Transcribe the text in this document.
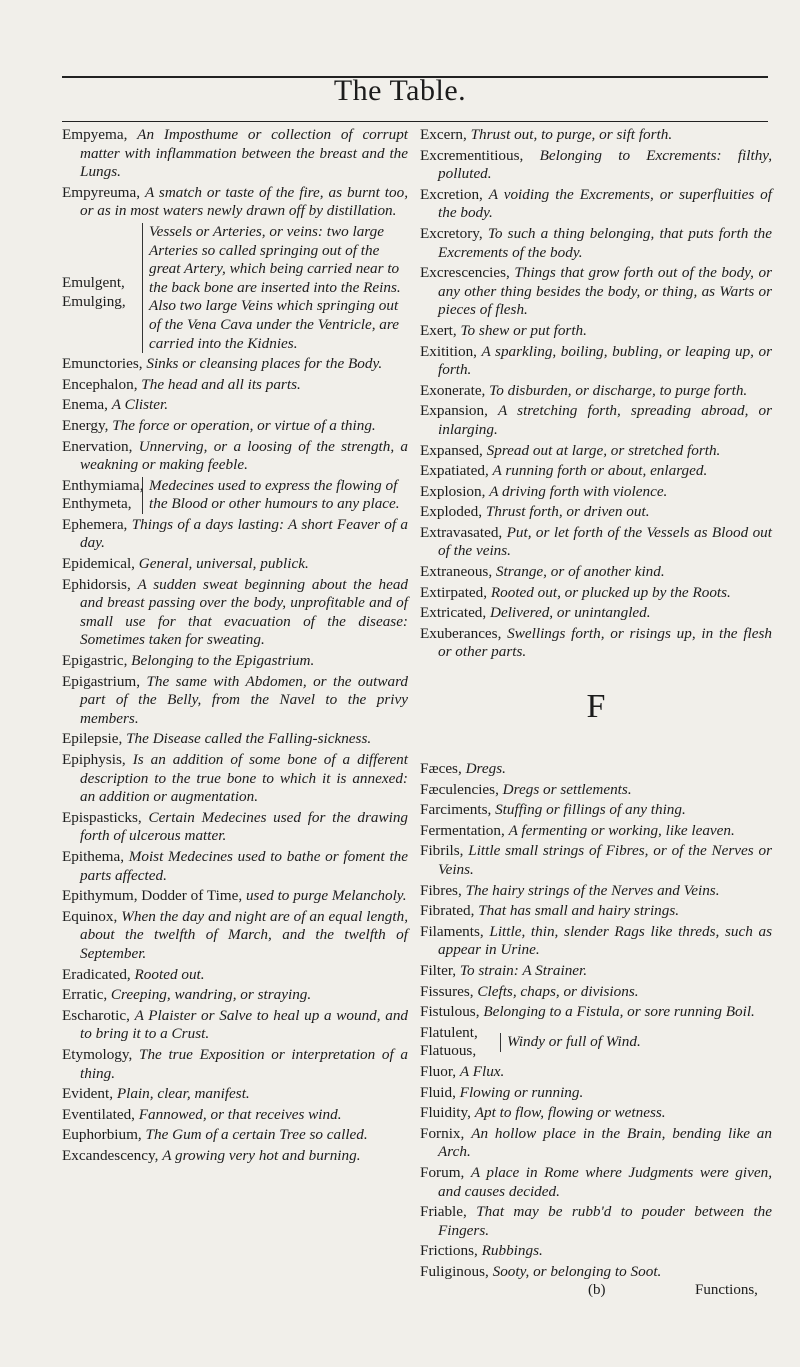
The Table.

Empyema, An Imposthume or collection of corrupt matter with inflammation between the breast and the Lungs.

Empyreuma, A smatch or taste of the fire, as burnt too, or as in most waters newly drawn off by distillation.

Emulgent,
Emulging,
Vessels or Arteries, or veins: two large Arteries so called springing out of the great Artery, which being carried near to the back bone are inserted into the Reins. Also two large Veins which springing out of the Vena Cava under the Ventricle, are carried into the Kidnies.

Emunctories, Sinks or cleansing places for the Body.

Encephalon, The head and all its parts.

Enema, A Clister.

Energy, The force or operation, or virtue of a thing.

Enervation, Unnerving, or a loosing of the strength, a weakning or making feeble.

Enthymiama,
Enthymeta,
Medecines used to express the flowing of the Blood or other humours to any place.

Ephemera, Things of a days lasting: A short Feaver of a day.

Epidemical, General, universal, publick.

Ephidorsis, A sudden sweat beginning about the head and breast passing over the body, unprofitable and of small use for that evacuation of the disease: Sometimes taken for sweating.

Epigastric, Belonging to the Epigastrium.

Epigastrium, The same with Abdomen, or the outward part of the Belly, from the Navel to the privy members.

Epilepsie, The Disease called the Falling-sickness.

Epiphysis, Is an addition of some bone of a different description to the true bone to which it is annexed: an addition or augmentation.

Epispasticks, Certain Medecines used for the drawing forth of ulcerous matter.

Epithema, Moist Medecines used to bathe or foment the parts affected.

Epithymum, Dodder of Time, used to purge Melancholy.

Equinox, When the day and night are of an equal length, about the twelfth of March, and the twelfth of September.

Eradicated, Rooted out.

Erratic, Creeping, wandring, or straying.

Escharotic, A Plaister or Salve to heal up a wound, and to bring it to a Crust.

Etymology, The true Exposition or interpretation of a thing.

Evident, Plain, clear, manifest.

Eventilated, Fannowed, or that receives wind.

Euphorbium, The Gum of a certain Tree so called.

Excandescency, A growing very hot and burning.

Excern, Thrust out, to purge, or sift forth.

Excrementitious, Belonging to Excrements: filthy, polluted.

Excretion, A voiding the Excrements, or superfluities of the body.

Excretory, To such a thing belonging, that puts forth the Excrements of the body.

Excrescencies, Things that grow forth out of the body, or any other thing besides the body, or thing, as Warts or pieces of flesh.

Exert, To shew or put forth.

Exitition, A sparkling, boiling, bubling, or leaping up, or forth.

Exonerate, To disburden, or discharge, to purge forth.

Expansion, A stretching forth, spreading abroad, or inlarging.

Expansed, Spread out at large, or stretched forth.

Expatiated, A running forth or about, enlarged.

Explosion, A driving forth with violence.

Exploded, Thrust forth, or driven out.

Extravasated, Put, or let forth of the Vessels as Blood out of the veins.

Extraneous, Strange, or of another kind.

Extirpated, Rooted out, or plucked up by the Roots.

Extricated, Delivered, or unintangled.

Exuberances, Swellings forth, or risings up, in the flesh or other parts.

F

Fæces, Dregs.

Fæculencies, Dregs or settlements.

Farciments, Stuffing or fillings of any thing.

Fermentation, A fermenting or working, like leaven.

Fibrils, Little small strings of Fibres, or of the Nerves or Veins.

Fibres, The hairy strings of the Nerves and Veins.

Fibrated, That has small and hairy strings.

Filaments, Little, thin, slender Rags like threds, such as appear in Urine.

Filter, To strain: A Strainer.

Fissures, Clefts, chaps, or divisions.

Fistulous, Belonging to a Fistula, or sore running Boil.

Flatulent,
Flatuous,
Windy or full of Wind.

Fluor, A Flux.

Fluid, Flowing or running.

Fluidity, Apt to flow, flowing or wetness.

Fornix, An hollow place in the Brain, bending like an Arch.

Forum, A place in Rome where Judgments were given, and causes decided.

Friable, That may be rubb'd to pouder between the Fingers.

Frictions, Rubbings.

Fuliginous, Sooty, or belonging to Soot.

(b)	Functions,
